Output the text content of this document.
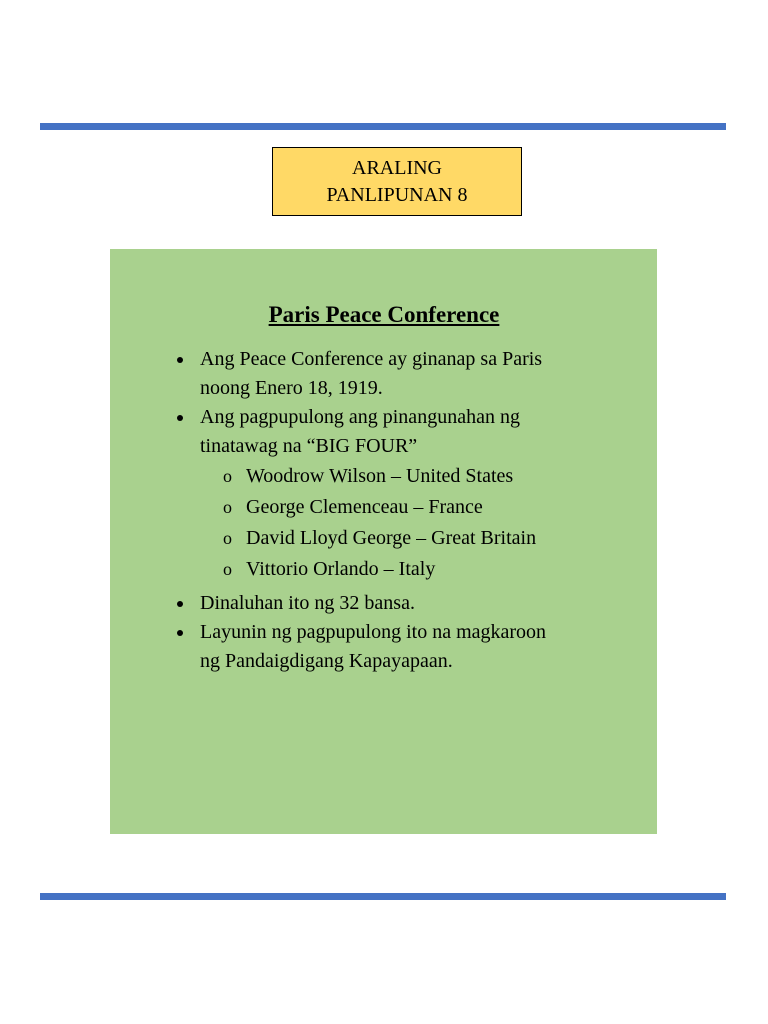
ARALING
PANLIPUNAN 8
Paris Peace Conference
Ang Peace Conference ay ginanap sa Paris
noong Enero 18, 1919.
Ang pagpupulong ang pinangunahan ng
tinatawag na “BIG FOUR”
o Woodrow Wilson – United States
o George Clemenceau – France
o David Lloyd George – Great Britain
o Vittorio Orlando – Italy
Dinaluhan ito ng 32 bansa.
Layunin ng pagpupulong ito na magkaroon
ng Pandaigdigang Kapayapaan.
